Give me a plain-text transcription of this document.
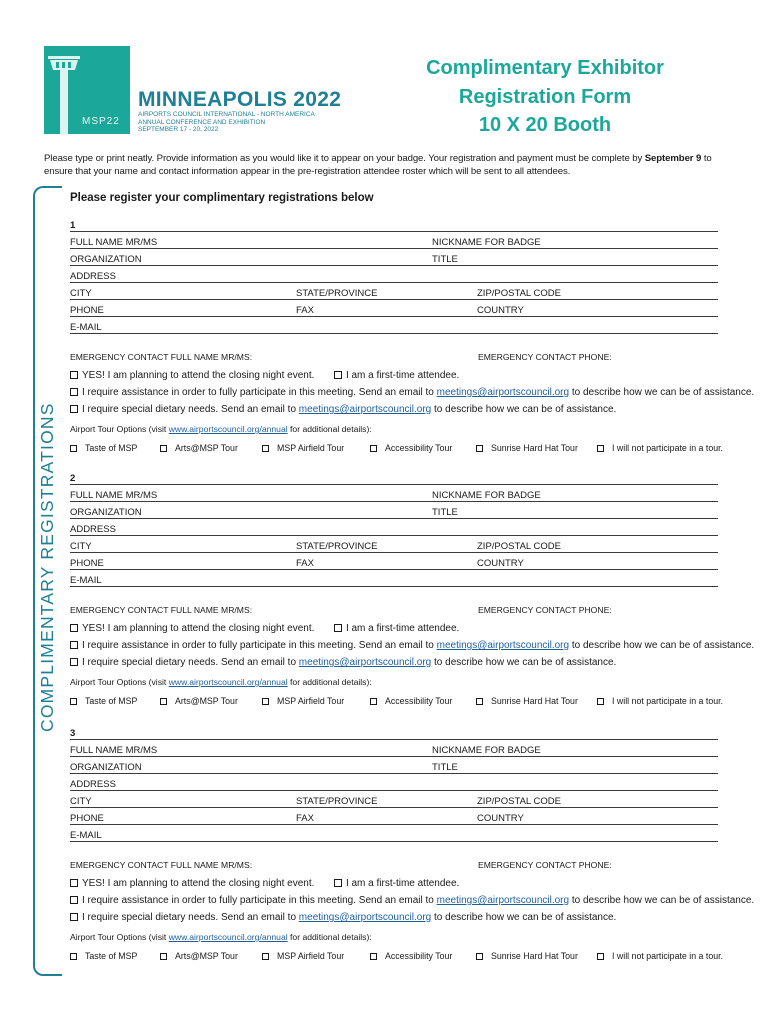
MSP22
MINNEAPOLIS 2022
AIRPORTS COUNCIL INTERNATIONAL - NORTH AMERICA
ANNUAL CONFERENCE AND EXHIBITION
SEPTEMBER 17 - 20, 2022
Complimentary Exhibitor
Registration Form
10 X 20 Booth
Please type or print neatly. Provide information as you would like it to appear on your badge. Your registration and payment must be complete by September 9 to ensure that your name and contact information appear in the pre-registration attendee roster which will be sent to all attendees.
COMPLIMENTARY REGISTRATIONS
Please register your complimentary registrations below
1
FULL NAME MR/MS	NICKNAME FOR BADGE
ORGANIZATION	TITLE
ADDRESS
CITY	STATE/PROVINCE	ZIP/POSTAL CODE
PHONE	FAX	COUNTRY
E-MAIL
EMERGENCY CONTACT FULL NAME MR/MS:	EMERGENCY CONTACT PHONE:
YES! I am planning to attend the closing night event.	I am a first-time attendee.
I require assistance in order to fully participate in this meeting. Send an email to meetings@airportscouncil.org to describe how we can be of assistance.
I require special dietary needs. Send an email to meetings@airportscouncil.org to describe how we can be of assistance.
Airport Tour Options (visit www.airportscouncil.org/annual for additional details):
Taste of MSP	Arts@MSP Tour	MSP Airfield Tour	Accessibility Tour	Sunrise Hard Hat Tour	I will not participate in a tour.
2
FULL NAME MR/MS	NICKNAME FOR BADGE
ORGANIZATION	TITLE
ADDRESS
CITY	STATE/PROVINCE	ZIP/POSTAL CODE
PHONE	FAX	COUNTRY
E-MAIL
EMERGENCY CONTACT FULL NAME MR/MS:	EMERGENCY CONTACT PHONE:
YES! I am planning to attend the closing night event.	I am a first-time attendee.
I require assistance in order to fully participate in this meeting. Send an email to meetings@airportscouncil.org to describe how we can be of assistance.
I require special dietary needs. Send an email to meetings@airportscouncil.org to describe how we can be of assistance.
Airport Tour Options (visit www.airportscouncil.org/annual for additional details):
Taste of MSP	Arts@MSP Tour	MSP Airfield Tour	Accessibility Tour	Sunrise Hard Hat Tour	I will not participate in a tour.
3
FULL NAME MR/MS	NICKNAME FOR BADGE
ORGANIZATION	TITLE
ADDRESS
CITY	STATE/PROVINCE	ZIP/POSTAL CODE
PHONE	FAX	COUNTRY
E-MAIL
EMERGENCY CONTACT FULL NAME MR/MS:	EMERGENCY CONTACT PHONE:
YES! I am planning to attend the closing night event.	I am a first-time attendee.
I require assistance in order to fully participate in this meeting. Send an email to meetings@airportscouncil.org to describe how we can be of assistance.
I require special dietary needs. Send an email to meetings@airportscouncil.org to describe how we can be of assistance.
Airport Tour Options (visit www.airportscouncil.org/annual for additional details):
Taste of MSP	Arts@MSP Tour	MSP Airfield Tour	Accessibility Tour	Sunrise Hard Hat Tour	I will not participate in a tour.
